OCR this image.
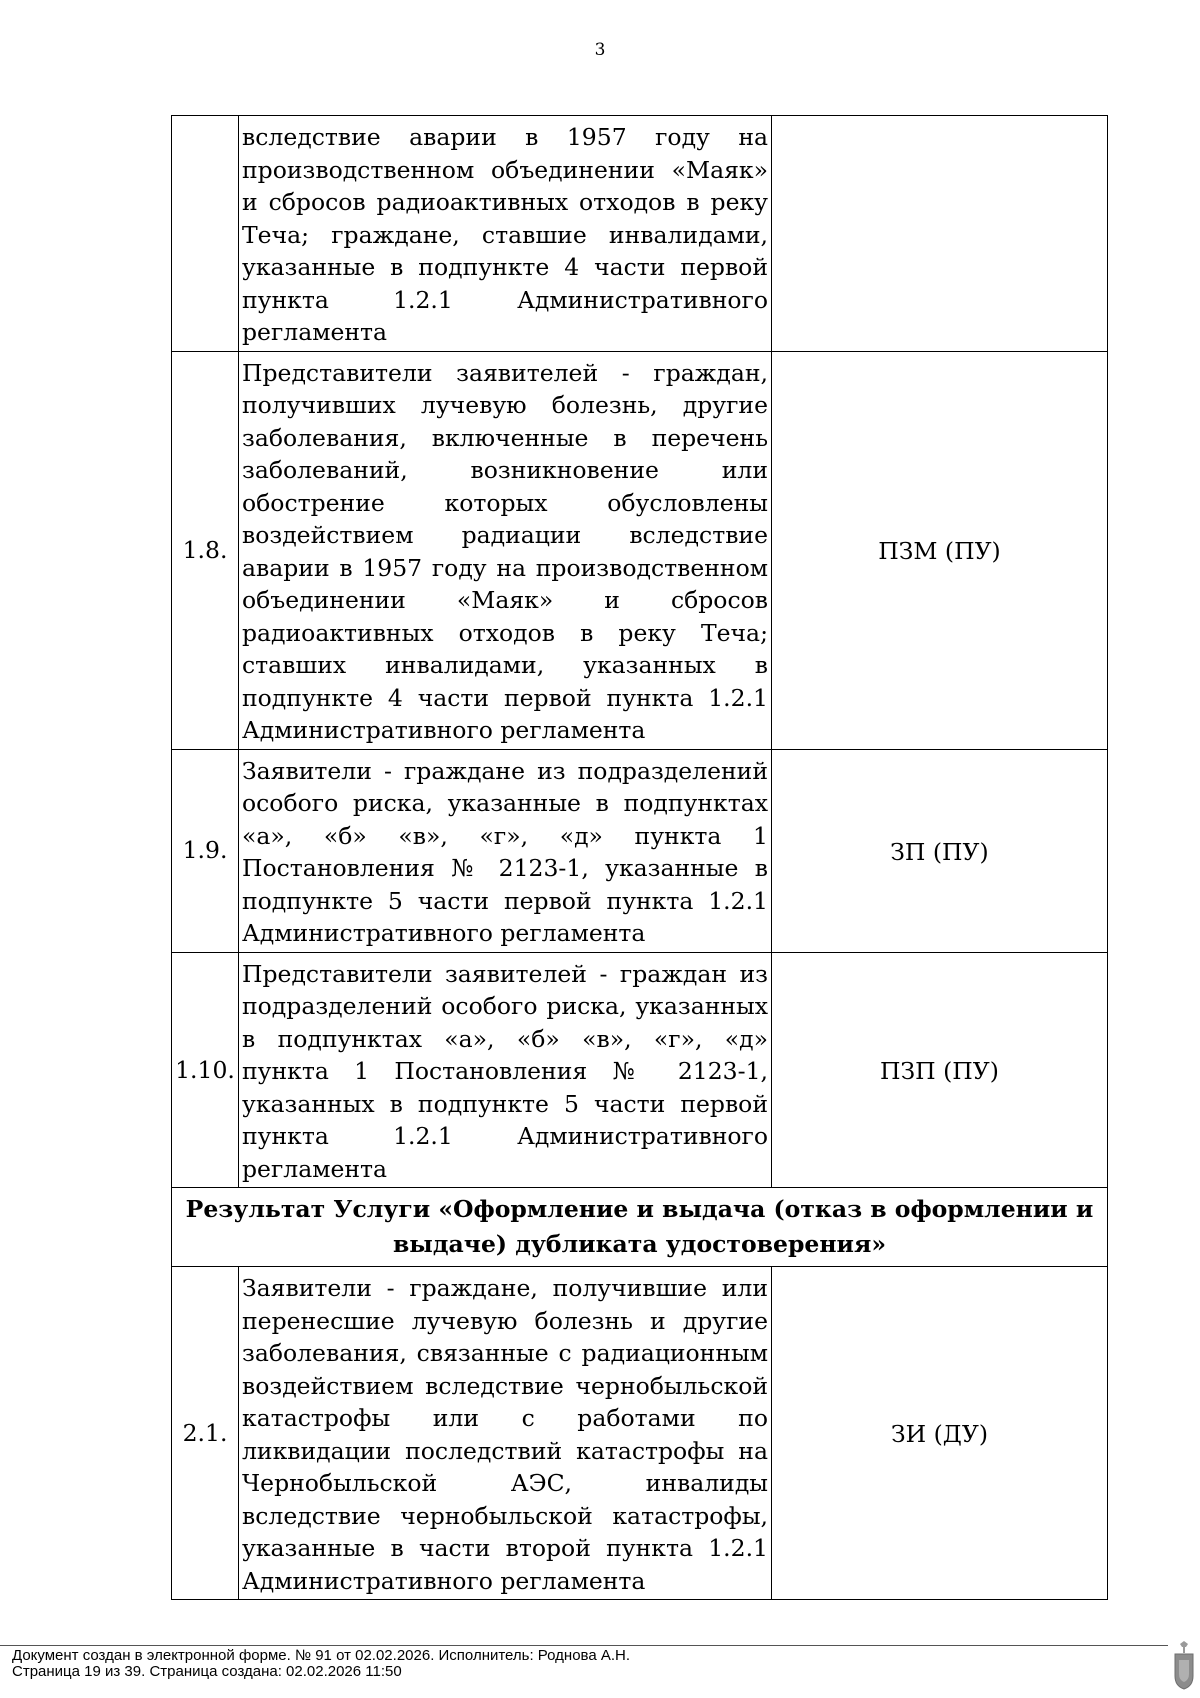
3
	вследствие аварии в 1957 году на производственном объединении «Маяк» и сбросов радиоактивных отходов в реку Теча; граждане, ставшие инвалидами, указанные в подпункте 4 части первой пункта 1.2.1 Административного регламента	
1.8.	Представители заявителей - граждан, получивших лучевую болезнь, другие заболевания, включенные в перечень заболеваний, возникновение или обострение которых обусловлены воздействием радиации вследствие аварии в 1957 году на производственном объединении «Маяк» и сбросов радиоактивных отходов в реку Теча; ставших инвалидами, указанных в подпункте 4 части первой пункта 1.2.1 Административного регламента	ПЗМ (ПУ)
1.9.	Заявители - граждане из подразделений особого риска, указанные в подпунктах «а», «б» «в», «г», «д» пункта 1 Постановления № 2123-1, указанные в подпункте 5 части первой пункта 1.2.1 Административного регламента	ЗП (ПУ)
1.10.	Представители заявителей - граждан из подразделений особого риска, указанных в подпунктах «а», «б» «в», «г», «д» пункта 1 Постановления № 2123-1, указанных в подпункте 5 части первой пункта 1.2.1 Административного регламента	ПЗП (ПУ)
Результат Услуги «Оформление и выдача (отказ в оформлении и выдаче) дубликата удостоверения»		
2.1.	Заявители - граждане, получившие или перенесшие лучевую болезнь и другие заболевания, связанные с радиационным воздействием вследствие чернобыльской катастрофы или с работами по ликвидации последствий катастрофы на Чернобыльской АЭС, инвалиды вследствие чернобыльской катастрофы, указанные в части второй пункта 1.2.1 Административного регламента	ЗИ (ДУ)
Документ создан в электронной форме. № 91 от 02.02.2026. Исполнитель: Роднова А.Н.
Страница 19 из 39. Страница создана: 02.02.2026 11:50
